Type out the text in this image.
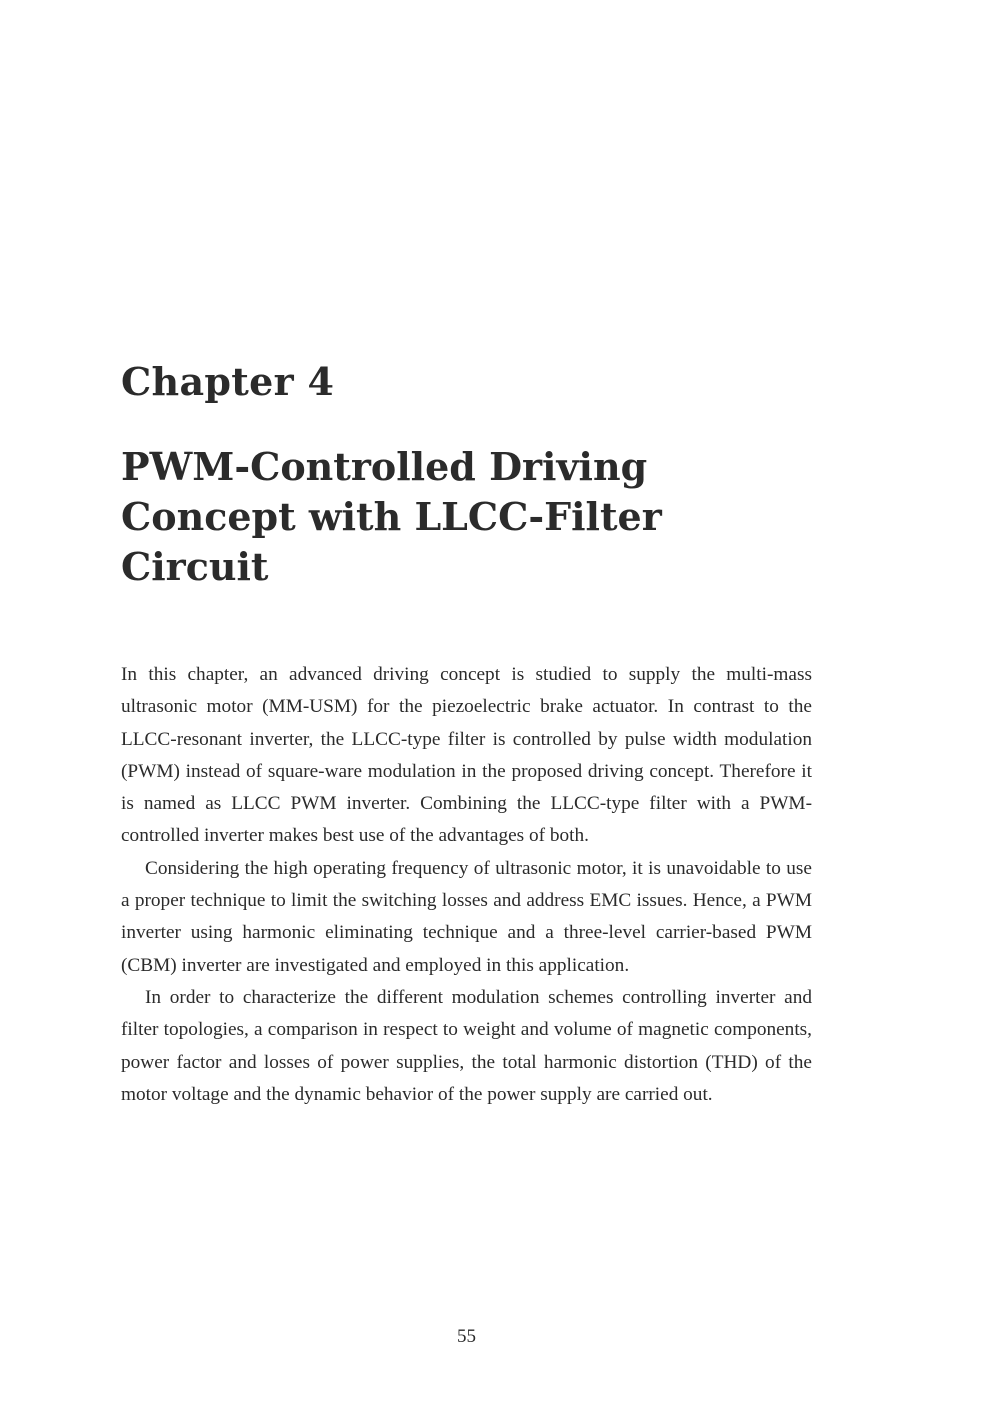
Chapter 4
PWM-Controlled Driving
Concept with LLCC-Filter
Circuit

In this chapter, an advanced driving concept is studied to supply the multi-mass ultrasonic motor (MM-USM) for the piezoelectric brake actuator. In contrast to the LLCC-resonant inverter, the LLCC-type filter is controlled by pulse width modulation (PWM) instead of square-ware modulation in the proposed driving concept. Therefore it is named as LLCC PWM inverter. Combining the LLCC-type filter with a PWM-controlled inverter makes best use of the advantages of both.

Considering the high operating frequency of ultrasonic motor, it is unavoidable to use a proper technique to limit the switching losses and address EMC issues. Hence, a PWM inverter using harmonic eliminating technique and a three-level carrier-based PWM (CBM) inverter are investigated and employed in this application.

In order to characterize the different modulation schemes controlling inverter and filter topologies, a comparison in respect to weight and volume of magnetic components, power factor and losses of power supplies, the total harmonic distortion (THD) of the motor voltage and the dynamic behavior of the power supply are carried out.

55
